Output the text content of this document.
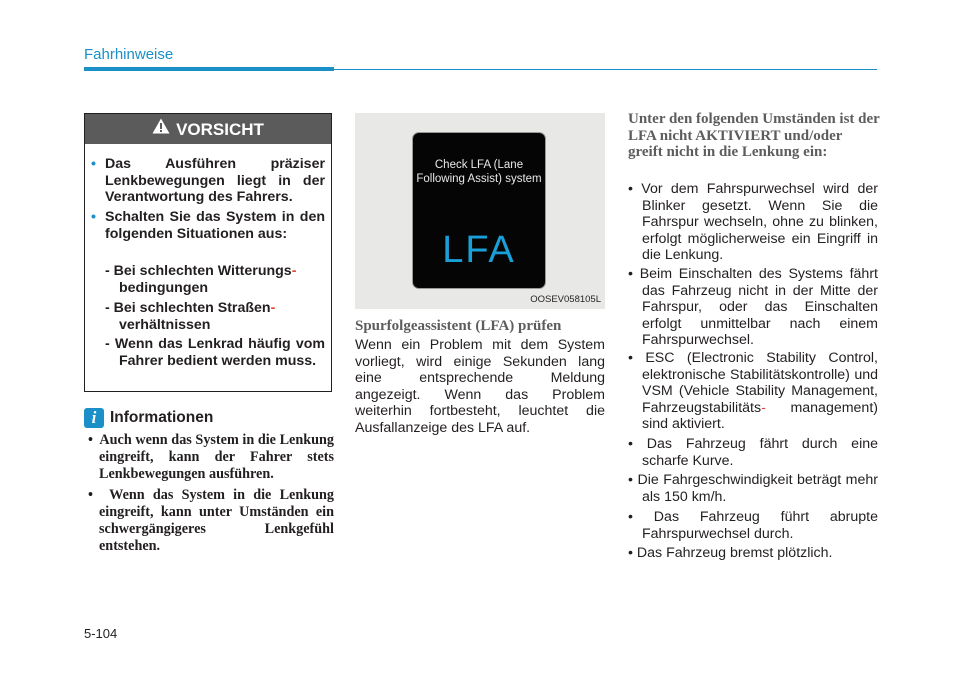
Fahrhinweise
VORSICHT
• Das Ausführen präziser Lenkbewegungen liegt in der Verantwortung des Fahrers.
• Schalten Sie das System in den folgenden Situationen aus:
- Bei schlechten Witterungs-
bedingungen
- Bei schlechten Straßen-
verhältnissen
- Wenn das Lenkrad häufig vom Fahrer bedient werden muss.
i Informationen
•  Auch wenn das System in die Lenkung eingreift, kann der Fahrer stets Lenkbewegungen ausführen.
•  Wenn das System in die Lenkung eingreift, kann unter Umständen ein schwergängigeres Lenkgefühl entstehen.
Check LFA (Lane Following Assist) system
LFA
OOSEV058105L
Spurfolgeassistent (LFA) prüfen
Wenn ein Problem mit dem System vorliegt, wird einige Sekunden lang eine entsprechende Meldung angezeigt. Wenn das Problem weiterhin fortbesteht, leuchtet die Ausfallanzeige des LFA auf.
Unter den folgenden Umständen ist der LFA nicht AKTIVIERT und/oder greift nicht in die Lenkung ein:
• Vor dem Fahrspurwechsel wird der Blinker gesetzt. Wenn Sie die Fahrspur wechseln, ohne zu blinken, erfolgt möglicherweise ein Eingriff in die Lenkung.
• Beim Einschalten des Systems fährt das Fahrzeug nicht in der Mitte der Fahrspur, oder das Einschalten erfolgt unmittelbar nach einem Fahrspurwechsel.
• ESC (Electronic Stability Control, elektronische Stabilitätskontrolle) und VSM (Vehicle Stability Management, Fahrzeugstabilitäts- management) sind aktiviert.
• Das Fahrzeug fährt durch eine scharfe Kurve.
• Die Fahrgeschwindigkeit beträgt mehr als 150 km/h.
• Das Fahrzeug führt abrupte Fahrspurwechsel durch.
• Das Fahrzeug bremst plötzlich.
5-104
